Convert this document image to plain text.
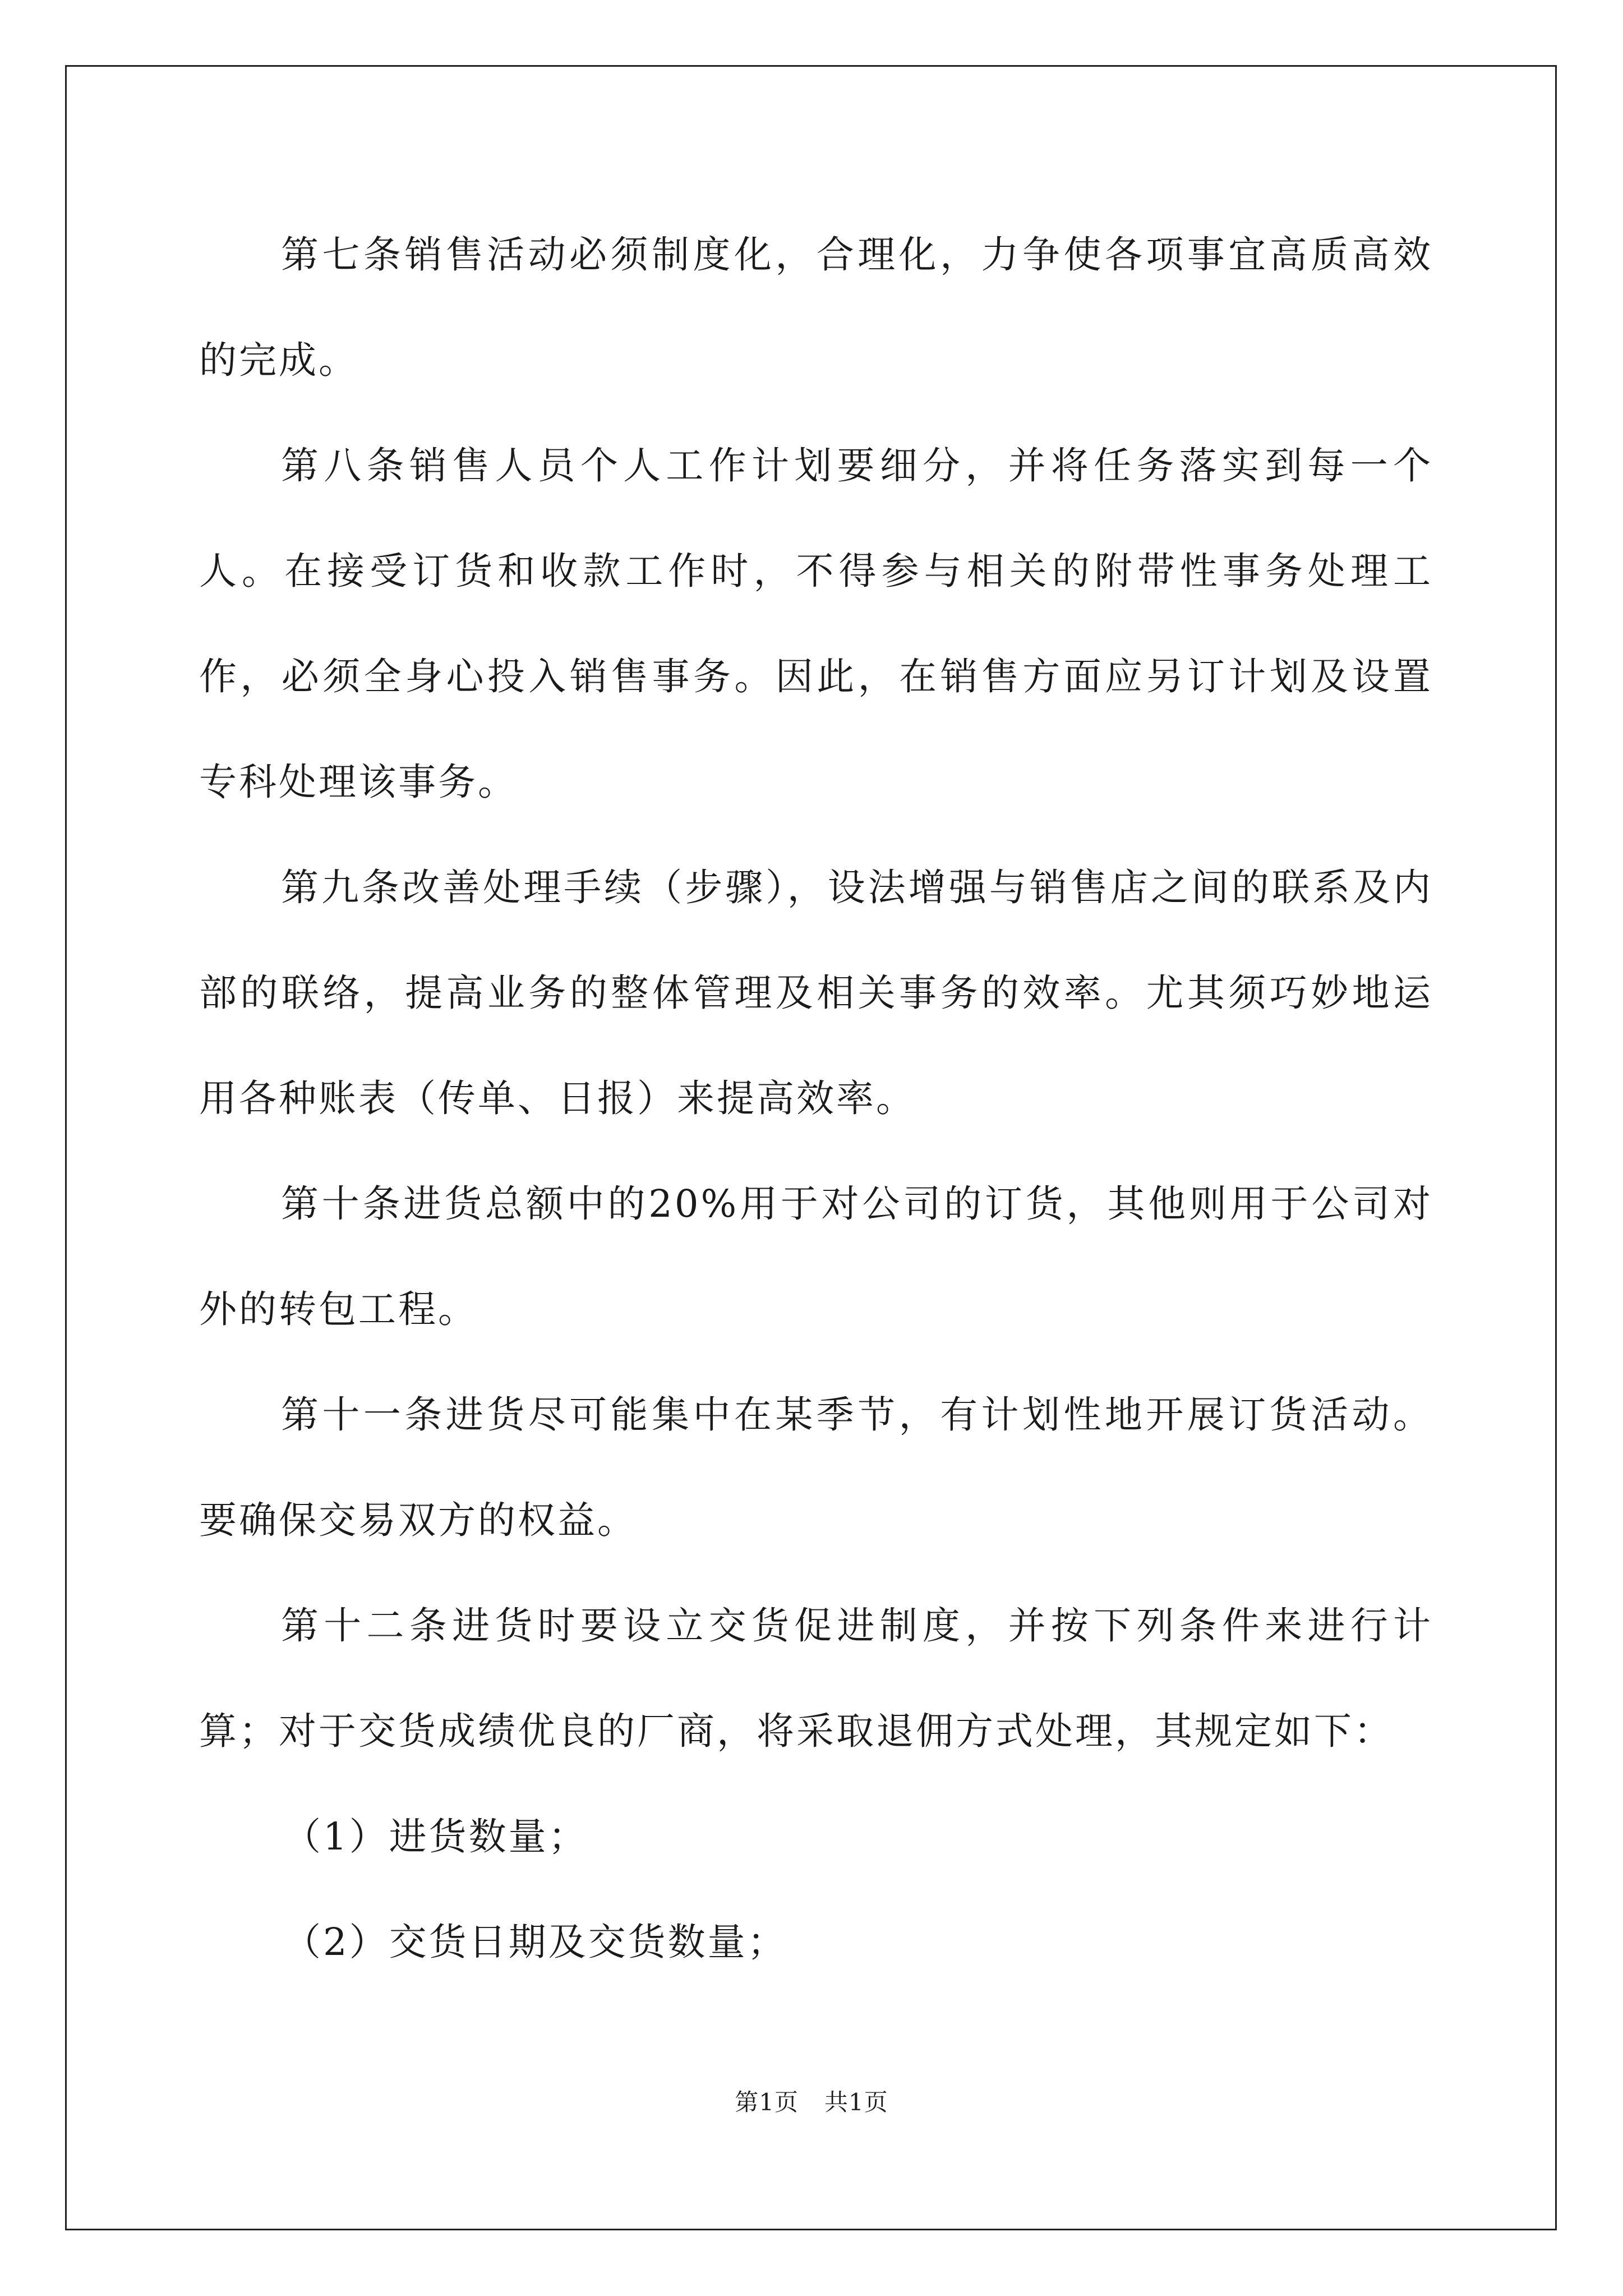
第七条销售活动必须制度化，合理化，力争使各项事宜高质高效的完成。

第八条销售人员个人工作计划要细分，并将任务落实到每一个人。在接受订货和收款工作时，不得参与相关的附带性事务处理工作，必须全身心投入销售事务。因此，在销售方面应另订计划及设置专科处理该事务。

第九条改善处理手续（步骤），设法增强与销售店之间的联系及内部的联络，提高业务的整体管理及相关事务的效率。尤其须巧妙地运用各种账表（传单、日报）来提高效率。

第十条进货总额中的20%用于对公司的订货，其他则用于公司对外的转包工程。

第十一条进货尽可能集中在某季节，有计划性地开展订货活动。要确保交易双方的权益。

第十二条进货时要设立交货促进制度，并按下列条件来进行计算；对于交货成绩优良的厂商，将采取退佣方式处理，其规定如下：

（1）进货数量；

（2）交货日期及交货数量；

第1页 共1页
